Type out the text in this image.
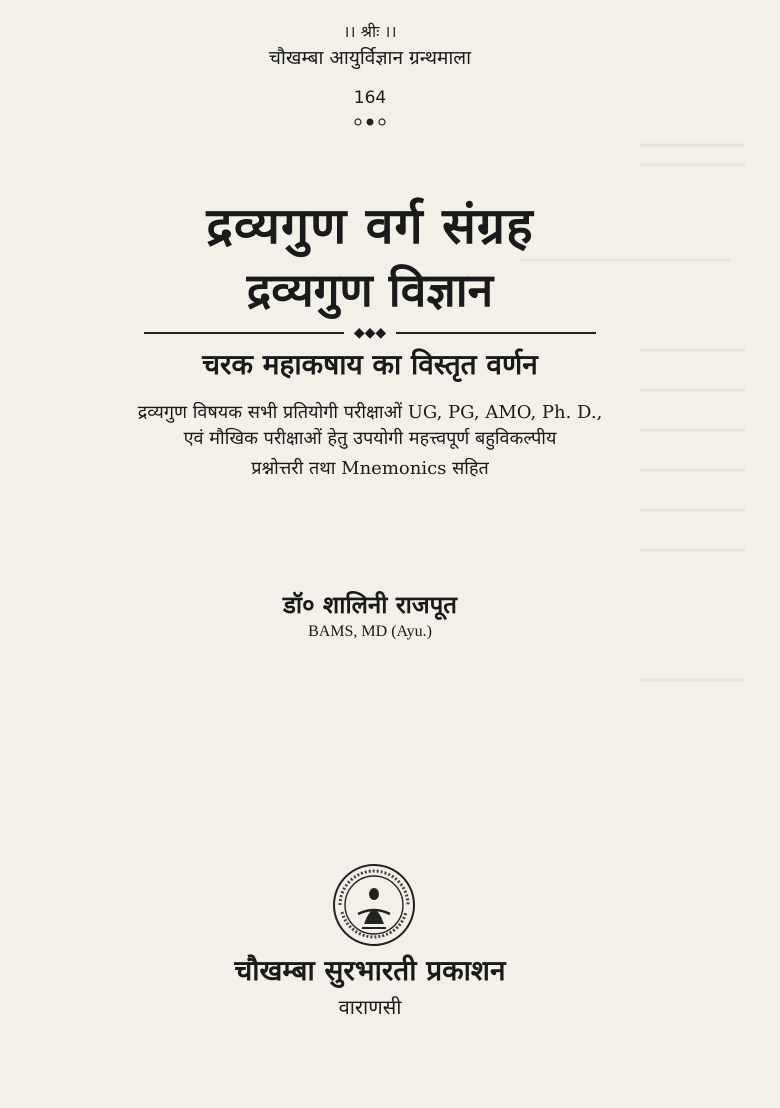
।। श्रीः ।।
चौखम्बा आयुर्विज्ञान ग्रन्थमाला
164
द्रव्यगुण वर्ग संग्रह
द्रव्यगुण विज्ञान
◆◆◆
चरक महाकषाय का विस्तृत वर्णन
द्रव्यगुण विषयक सभी प्रतियोगी परीक्षाओं UG, PG, AMO, Ph. D.,
एवं मौखिक परीक्षाओं हेतु उपयोगी महत्त्वपूर्ण बहुविकल्पीय
प्रश्नोत्तरी तथा Mnemonics सहित
डॉ० शालिनी राजपूत
BAMS, MD (Ayu.)
चौखम्बा सुरभारती प्रकाशन
वाराणसी
